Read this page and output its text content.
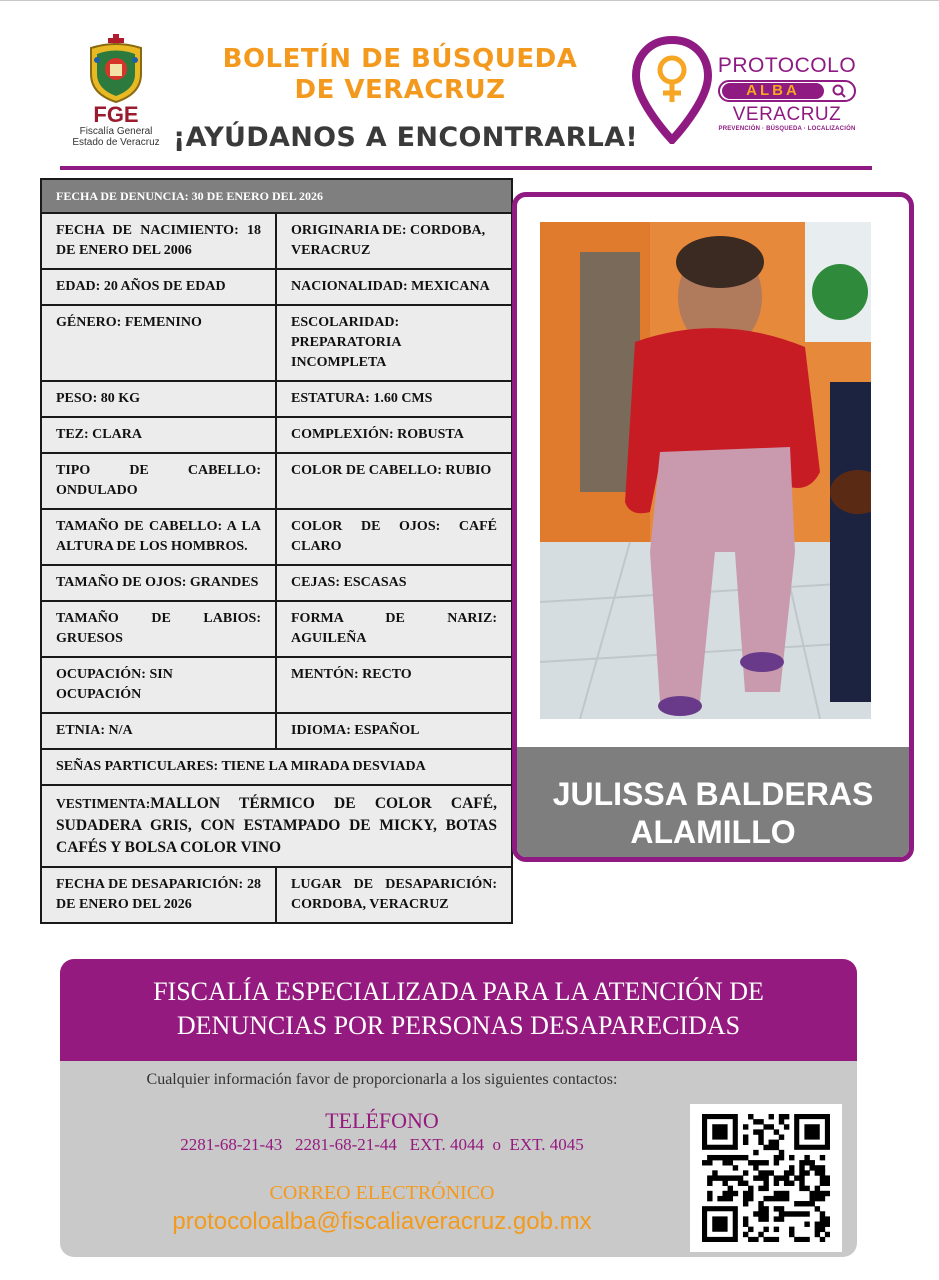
FGE
Fiscalía General
Estado de Veracruz
BOLETÍN DE BÚSQUEDA
DE VERACRUZ
¡AYÚDANOS A ENCONTRARLA!
PROTOCOLO
ALBA
VERACRUZ
PREVENCIÓN · BÚSQUEDA · LOCALIZACIÓN
FECHA DE DENUNCIA: 30 DE ENERO DEL 2026	
FECHA DE NACIMIENTO: 18 DE ENERO DEL 2006	ORIGINARIA DE: CORDOBA, VERACRUZ
EDAD: 20 AÑOS DE EDAD	NACIONALIDAD: MEXICANA
GÉNERO: FEMENINO	ESCOLARIDAD: PREPARATORIA INCOMPLETA
PESO: 80 KG	ESTATURA: 1.60 CMS
TEZ: CLARA	COMPLEXIÓN: ROBUSTA
TIPO DE CABELLO: ONDULADO	COLOR DE CABELLO: RUBIO
TAMAÑO DE CABELLO: A LA ALTURA DE LOS HOMBROS.	COLOR DE OJOS: CAFÉ CLARO
TAMAÑO DE OJOS: GRANDES	CEJAS: ESCASAS
TAMAÑO DE LABIOS: GRUESOS	FORMA DE NARIZ: AGUILEÑA
OCUPACIÓN: SIN OCUPACIÓN	MENTÓN: RECTO
ETNIA: N/A	IDIOMA: ESPAÑOL
SEÑAS PARTICULARES: TIENE LA MIRADA DESVIADA	
VESTIMENTA:MALLON TÉRMICO DE COLOR CAFÉ, SUDADERA GRIS, CON ESTAMPADO DE MICKY, BOTAS CAFÉS Y BOLSA COLOR VINO	
FECHA DE DESAPARICIÓN: 28 DE ENERO DEL 2026	LUGAR DE DESAPARICIÓN: CORDOBA, VERACRUZ
JULISSA BALDERAS
ALAMILLO
FISCALÍA ESPECIALIZADA PARA LA ATENCIÓN DE
DENUNCIAS POR PERSONAS DESAPARECIDAS
Cualquier información favor de proporcionarla a los siguientes contactos:
TELÉFONO
2281-68-21-43   2281-68-21-44   EXT. 4044  o  EXT. 4045
CORREO ELECTRÓNICO
protocoloalba@fiscaliaveracruz.gob.mx
